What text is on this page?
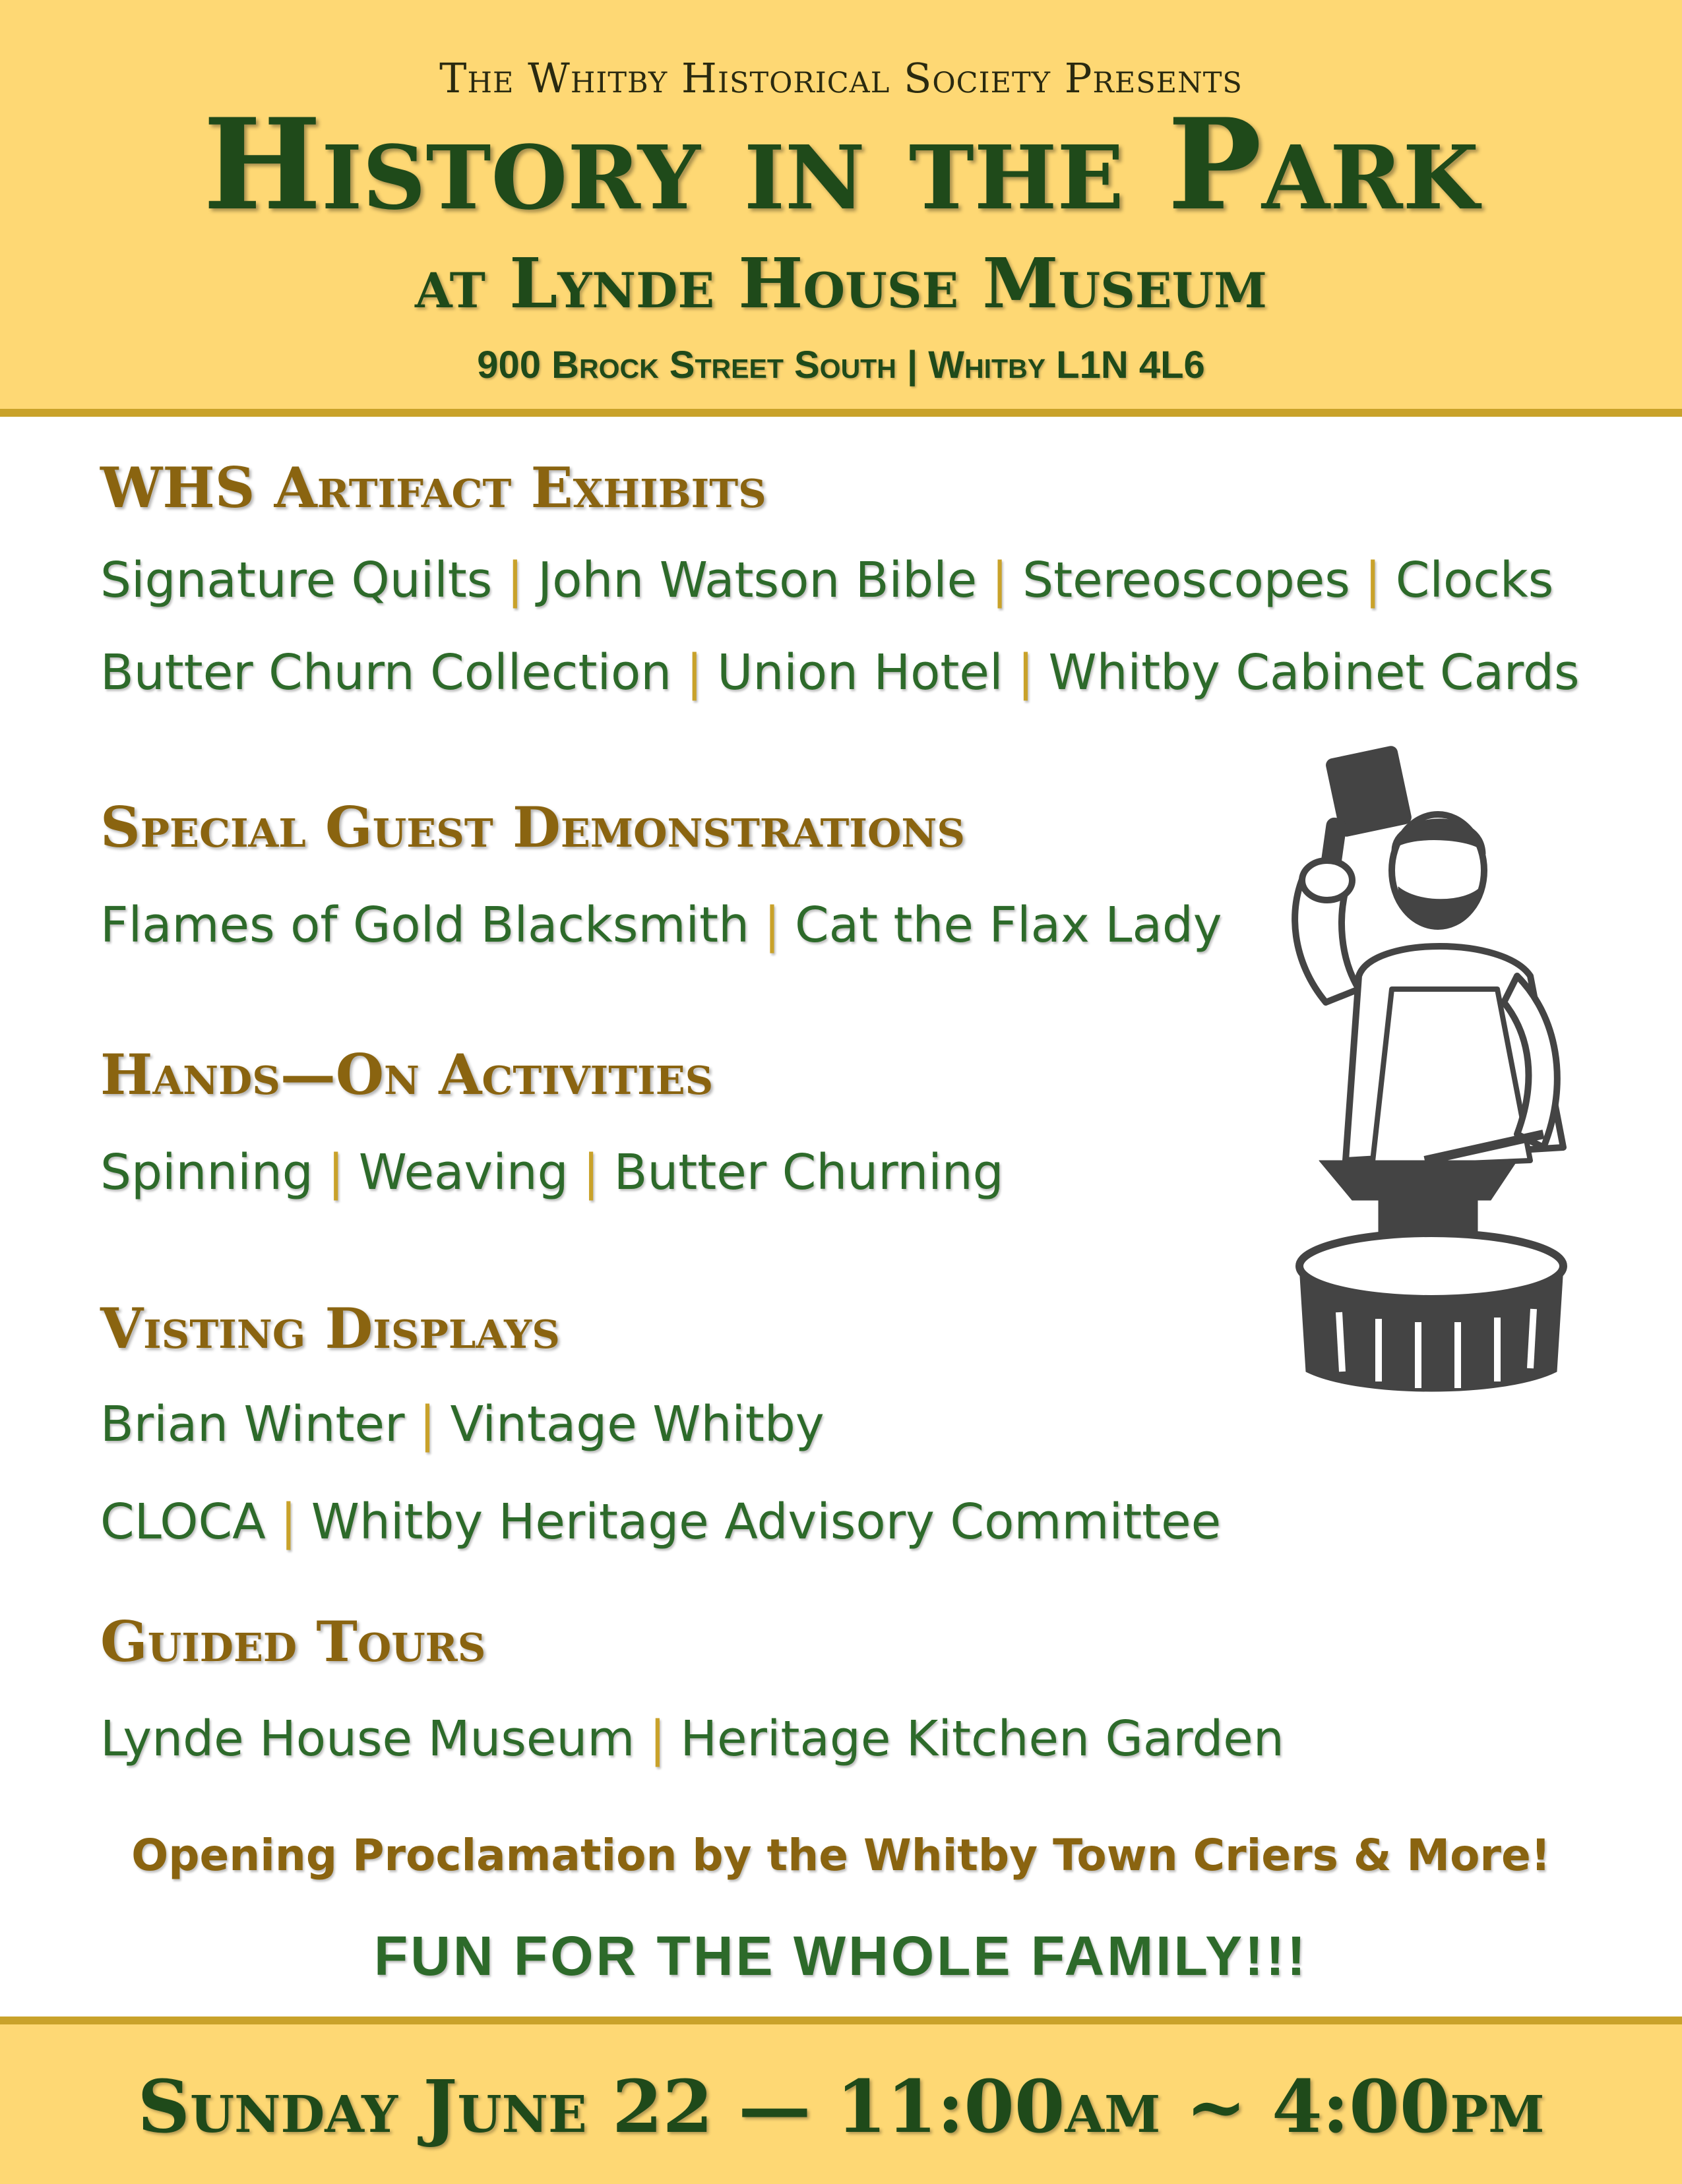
The Whitby Historical Society Presents
History in the Park
at Lynde House Museum
900 Brock Street South | Whitby L1N 4L6
WHS Artifact Exhibits
Signature Quilts | John Watson Bible | Stereoscopes | Clocks
Butter Churn Collection | Union Hotel | Whitby Cabinet Cards
Special Guest Demonstrations
Flames of Gold Blacksmith | Cat the Flax Lady
Hands—On Activities
Spinning | Weaving | Butter Churning
Visting Displays
Brian Winter | Vintage Whitby
CLOCA | Whitby Heritage Advisory Committee
Guided Tours
Lynde House Museum | Heritage Kitchen Garden
Opening Proclamation by the Whitby Town Criers & More!
FUN FOR THE WHOLE FAMILY!!!
Sunday June 22 — 11:00am ~ 4:00pm
